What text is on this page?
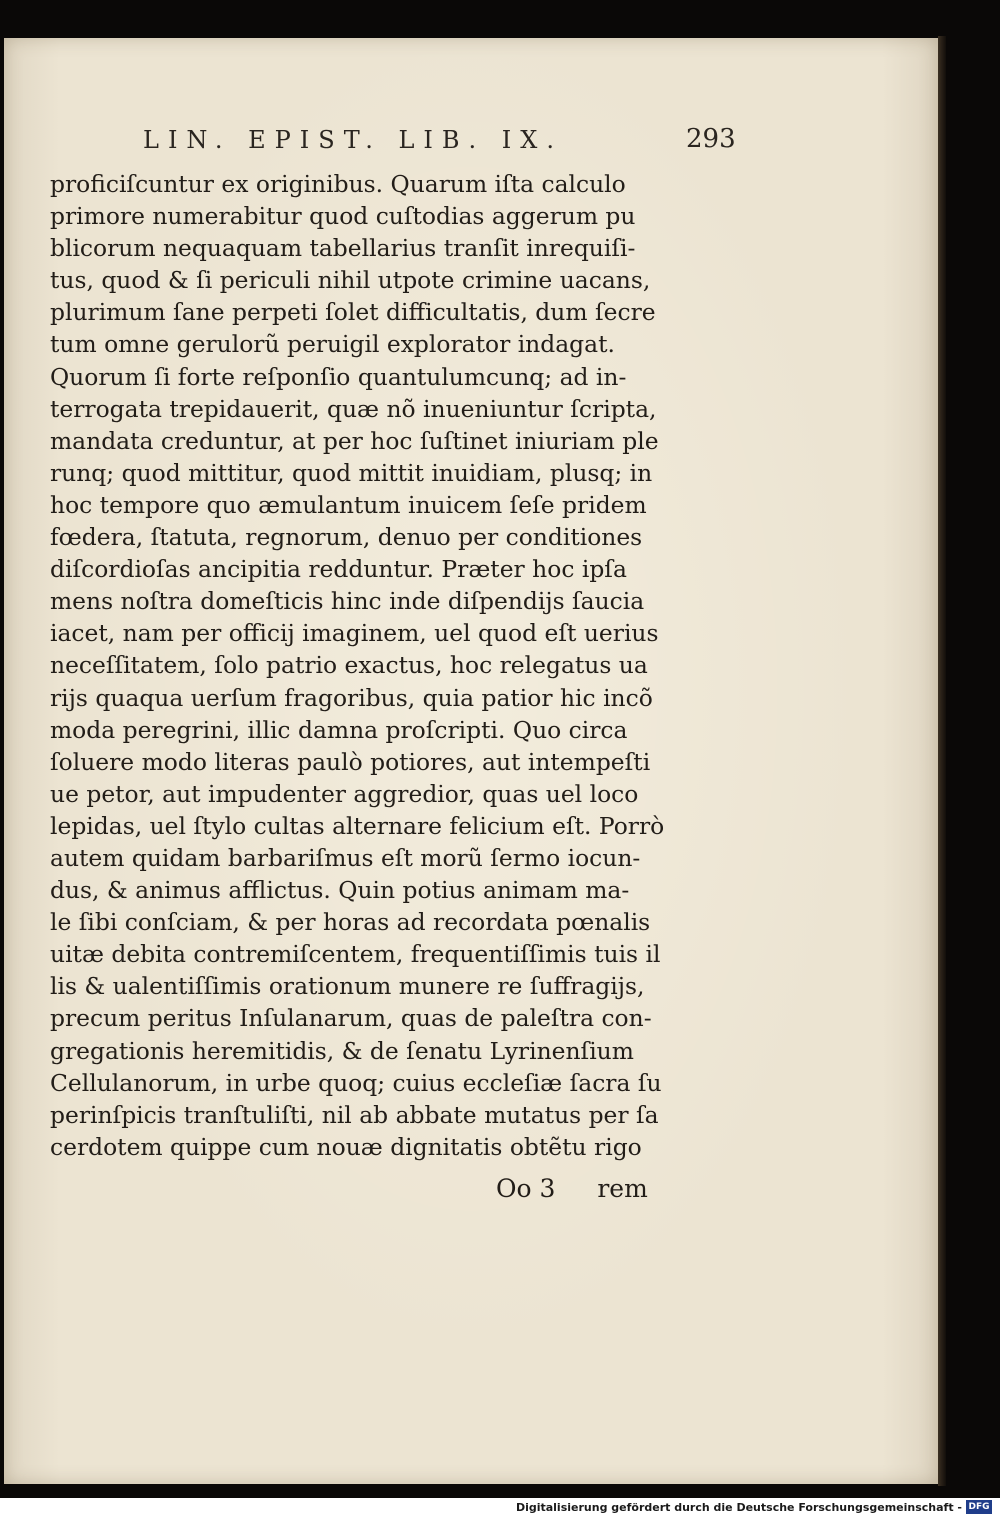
LIN. EPIST. LIB. IX.	293
proficiſcuntur ex originibus. Quarum iſta calculo
primore numerabitur quod cuſtodias aggerum pu
blicorum nequaquam tabellarius tranſit inrequiſi-
tus, quod & ſi periculi nihil utpote crimine uacans,
plurimum ſane perpeti ſolet difficultatis, dum ſecre
tum omne gerulorũ peruigil explorator indagat.
Quorum ſi forte reſponſio quantulumcunq; ad in-
terrogata trepidauerit, quæ nõ inueniuntur ſcripta,
mandata creduntur, at per hoc ſuſtinet iniuriam ple
runq; quod mittitur, quod mittit inuidiam, plusq; in
hoc tempore quo æmulantum inuicem ſeſe pridem
fœdera, ſtatuta, regnorum, denuo per conditiones
diſcordioſas ancipitia redduntur. Præter hoc ipſa
mens noſtra domeſticis hinc inde diſpendijs ſaucia
iacet, nam per officij imaginem, uel quod eſt uerius
neceſſitatem, ſolo patrio exactus, hoc relegatus ua
rijs quaqua uerſum fragoribus, quia patior hic incõ
moda peregrini, illic damna proſcripti. Quo circa
ſoluere modo literas paulò potiores, aut intempeſti
ue petor, aut impudenter aggredior, quas uel loco
lepidas, uel ſtylo cultas alternare felicium eſt. Porrò
autem quidam barbariſmus eſt morũ ſermo iocun-
dus, & animus afflictus. Quin potius animam ma-
le ſibi conſciam, & per horas ad recordata pœnalis
uitæ debita contremiſcentem, frequentiſſimis tuis il
lis & ualentiſſimis orationum munere re ſuffragijs,
precum peritus Inſulanarum, quas de paleſtra con-
gregationis heremitidis, & de ſenatu Lyrinenſium
Cellulanorum, in urbe quoq; cuius eccleſiæ ſacra ſu
perinſpicis tranſtuliſti, nil ab abbate mutatus per ſa
cerdotem quippe cum nouæ dignitatis obtẽtu rigo
Oo 3 rem
Digitalisierung gefördert durch die Deutsche Forschungsgemeinschaft - DFG
